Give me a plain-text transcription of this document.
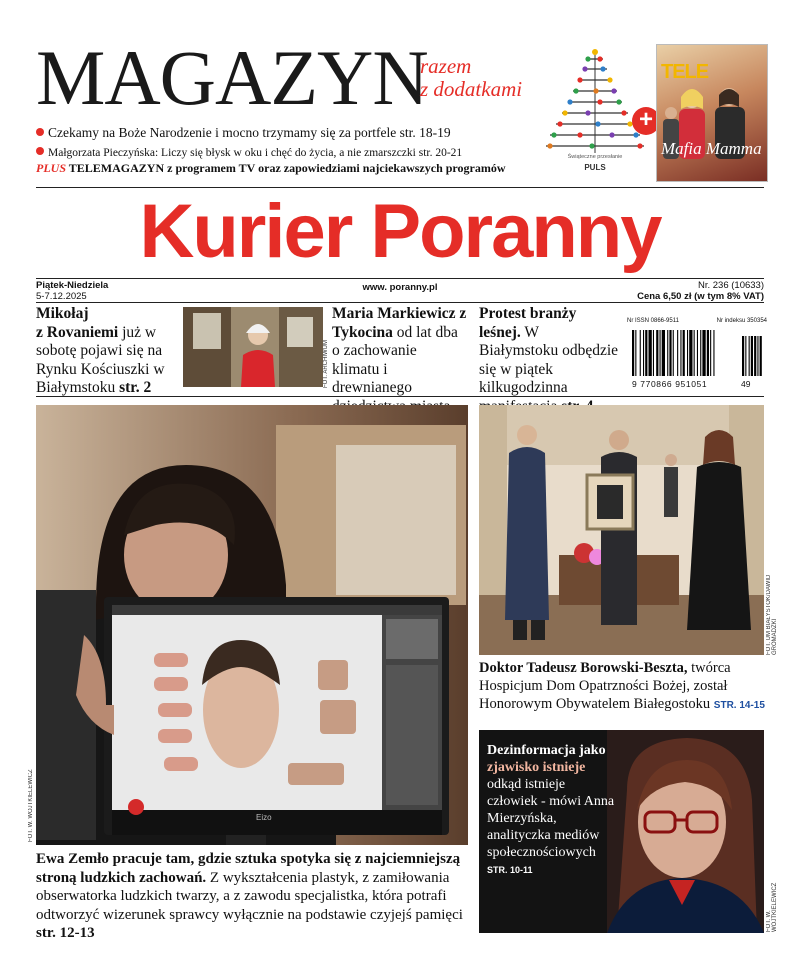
MAGAZYN
razem
z dodatkami
Czekamy na Boże Narodzenie i mocno trzymamy się za portfele str. 18-19
Małgorzata Pieczyńska: Liczy się błysk w oku i chęć do życia, a nie zmarszczki str. 20-21
PLUS TELEMAGAZYN z programem TV oraz zapowiedziami najciekawszych programów
Świąteczne przesłanie
PULS
+
TELE
Mafia Mamma
Kurier Poranny
Piątek-Niedziela
5-7.12.2025
www. poranny.pl	Nr. 236 (10633)
Cena 6,50 zł (w tym 8% VAT)
Mikołaj
z Rovaniemi już w sobotę pojawi się na Rynku Kościuszki w Białymstoku str. 2	FOT. ARCHIWUM
Maria Markiewicz z Tykocina od lat dba o zachowanie klimatu i drewnianego
Protest branży leśnej. W Białymstoku odbędzie się w piątek kilkugodzinna
Nr ISSN 0866-9511	Nr indeksu 350354
9 770866 951051	49
Eizo
FOT. W. WOJTKIELEWICZ
Ewa Zemło pracuje tam, gdzie sztuka spotyka się z najciemniejszą stroną ludzkich zachowań. Z wykształcenia plastyk, z zamiłowania obserwatorka ludzkich twarzy, a z zawodu specjalistka, która potrafi odtworzyć wizerunek sprawcy wyłącznie na podstawie czyjejś pamięci str. 12-13
FOT. UM BIAŁYSTOK/DAWID GROMADZKI
Doktor Tadeusz Borowski-Beszta, twórca Hospicjum Dom Opatrzności Bożej, został Honorowym Obywatelem Białegostoku STR. 14-15
Dezinformacja jako zjawisko istnieje odkąd istnieje człowiek - mówi Anna Mierzyńska, analityczka mediów społecznościowych
STR. 10-11
FOT. W. WOJTKIELEWICZ
